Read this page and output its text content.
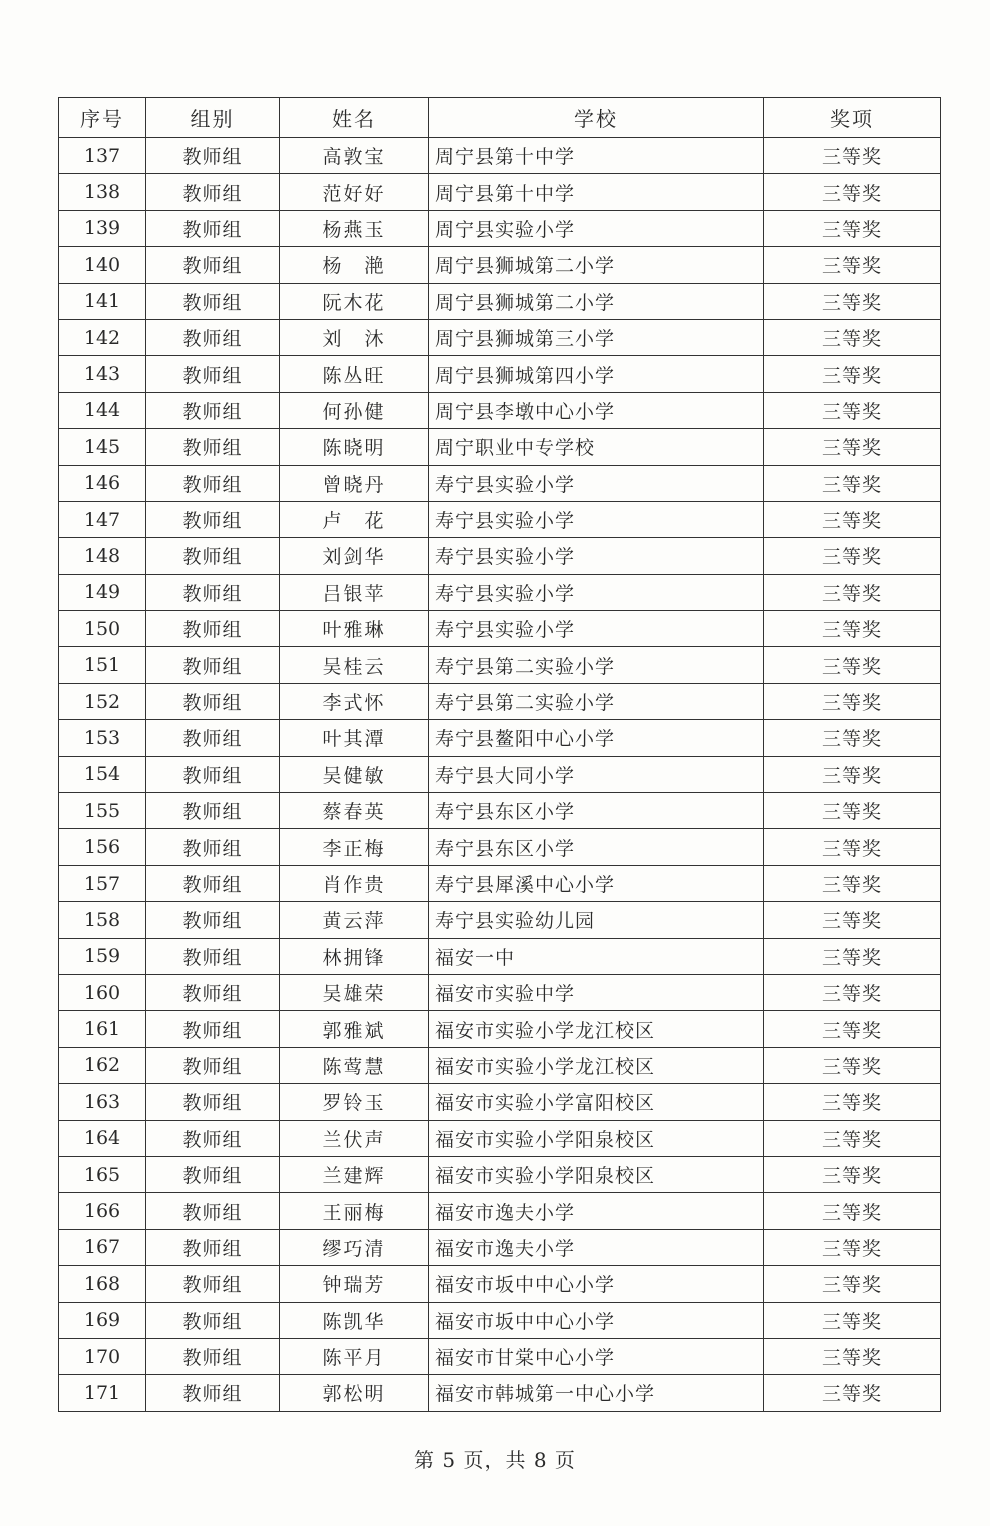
序号	组别	姓名	学校	奖项
137	教师组	高敦宝	周宁县第十中学	三等奖
138	教师组	范好好	周宁县第十中学	三等奖
139	教师组	杨燕玉	周宁县实验小学	三等奖
140	教师组	杨　滟	周宁县狮城第二小学	三等奖
141	教师组	阮木花	周宁县狮城第二小学	三等奖
142	教师组	刘　沐	周宁县狮城第三小学	三等奖
143	教师组	陈丛旺	周宁县狮城第四小学	三等奖
144	教师组	何孙健	周宁县李墩中心小学	三等奖
145	教师组	陈晓明	周宁职业中专学校	三等奖
146	教师组	曾晓丹	寿宁县实验小学	三等奖
147	教师组	卢　花	寿宁县实验小学	三等奖
148	教师组	刘剑华	寿宁县实验小学	三等奖
149	教师组	吕银苹	寿宁县实验小学	三等奖
150	教师组	叶雅琳	寿宁县实验小学	三等奖
151	教师组	吴桂云	寿宁县第二实验小学	三等奖
152	教师组	李式怀	寿宁县第二实验小学	三等奖
153	教师组	叶其潭	寿宁县鳌阳中心小学	三等奖
154	教师组	吴健敏	寿宁县大同小学	三等奖
155	教师组	蔡春英	寿宁县东区小学	三等奖
156	教师组	李正梅	寿宁县东区小学	三等奖
157	教师组	肖作贵	寿宁县犀溪中心小学	三等奖
158	教师组	黄云萍	寿宁县实验幼儿园	三等奖
159	教师组	林拥锋	福安一中	三等奖
160	教师组	吴雄荣	福安市实验中学	三等奖
161	教师组	郭雅斌	福安市实验小学龙江校区	三等奖
162	教师组	陈莺慧	福安市实验小学龙江校区	三等奖
163	教师组	罗铃玉	福安市实验小学富阳校区	三等奖
164	教师组	兰伏声	福安市实验小学阳泉校区	三等奖
165	教师组	兰建辉	福安市实验小学阳泉校区	三等奖
166	教师组	王丽梅	福安市逸夫小学	三等奖
167	教师组	缪巧清	福安市逸夫小学	三等奖
168	教师组	钟瑞芳	福安市坂中中心小学	三等奖
169	教师组	陈凯华	福安市坂中中心小学	三等奖
170	教师组	陈平月	福安市甘棠中心小学	三等奖
171	教师组	郭松明	福安市韩城第一中心小学	三等奖
第 5 页，共 8 页
